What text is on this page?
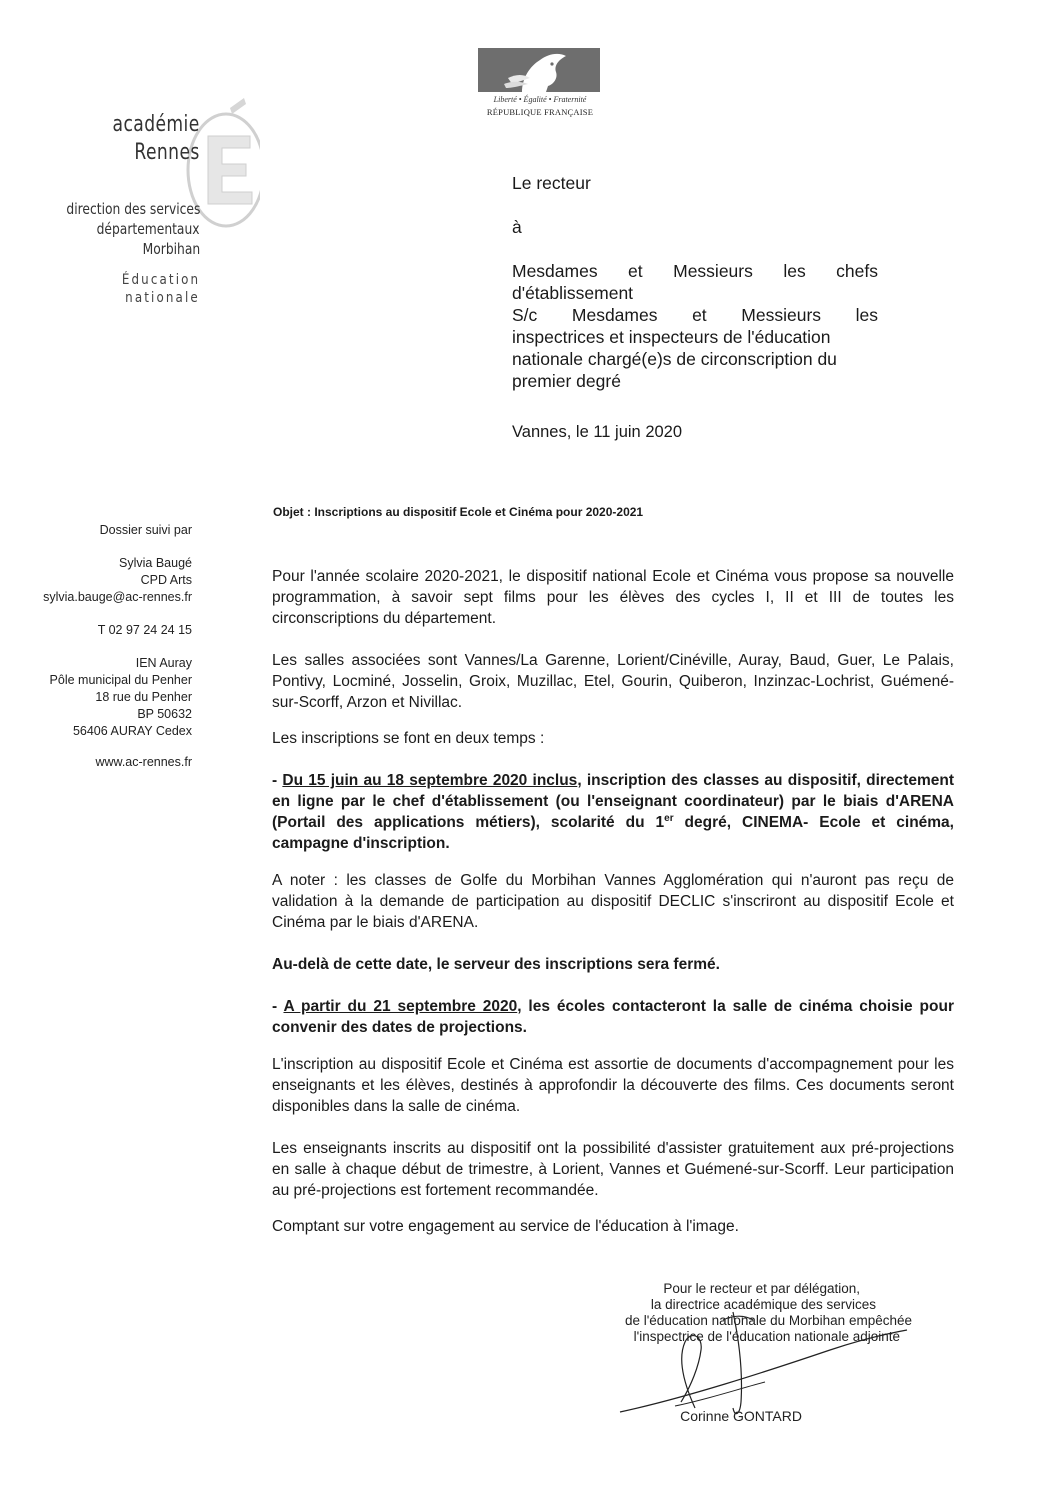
Liberté • Égalité • Fraternité
RÉPUBLIQUE FRANÇAISE
académie
Rennes
direction des services
départementaux
Morbihan
Éducation
nationale
Le recteur
à
Mesdames et Messieurs les chefs
d'établissement
S/c Mesdames et Messieurs les
inspectrices et inspecteurs de l'éducation
nationale chargé(e)s de circonscription du
premier degré
Vannes, le 11 juin 2020
Dossier suivi par
Sylvia Baugé
CPD Arts
sylvia.bauge@ac-rennes.fr
T 02 97 24 24 15
IEN Auray
Pôle municipal du Penher
18 rue du Penher
BP 50632
56406 AURAY Cedex
www.ac-rennes.fr
Objet : Inscriptions au dispositif Ecole et Cinéma pour 2020-2021
Pour l'année scolaire 2020-2021, le dispositif national Ecole et Cinéma vous propose sa nouvelle programmation, à savoir sept films pour les élèves des cycles I, II et III de toutes les circonscriptions du département.
Les salles associées sont Vannes/La Garenne, Lorient/Cinéville, Auray, Baud, Guer, Le Palais, Pontivy, Locminé, Josselin, Groix, Muzillac, Etel, Gourin, Quiberon, Inzinzac-Lochrist, Guémené-sur-Scorff, Arzon et Nivillac.
Les inscriptions se font en deux temps :
- Du 15 juin au 18 septembre 2020 inclus, inscription des classes au dispositif, directement en ligne par le chef d'établissement (ou l'enseignant coordinateur) par le biais d'ARENA (Portail des applications métiers), scolarité du 1er degré, CINEMA- Ecole et cinéma, campagne d'inscription.
A noter : les classes de Golfe du Morbihan Vannes Agglomération qui n'auront pas reçu de validation à la demande de participation au dispositif DECLIC s'inscriront au dispositif Ecole et Cinéma par le biais d'ARENA.
Au-delà de cette date, le serveur des inscriptions sera fermé.
- A partir du 21 septembre 2020, les écoles contacteront la salle de cinéma choisie pour convenir des dates de projections.
L'inscription au dispositif Ecole et Cinéma est assortie de documents d'accompagnement pour les enseignants et les élèves, destinés à approfondir la découverte des films. Ces documents seront disponibles dans la salle de cinéma.
Les enseignants inscrits au dispositif ont la possibilité d'assister gratuitement aux pré-projections en salle à chaque début de trimestre, à Lorient, Vannes et Guémené-sur-Scorff. Leur participation au pré-projections est fortement recommandée.
Comptant sur votre engagement au service de l'éducation à l'image.
Pour le recteur et par délégation,
la directrice académique des services
de l'éducation nationale du Morbihan empêchée
l'inspectrice de l'éducation nationale adjointe
Corinne GONTARD
